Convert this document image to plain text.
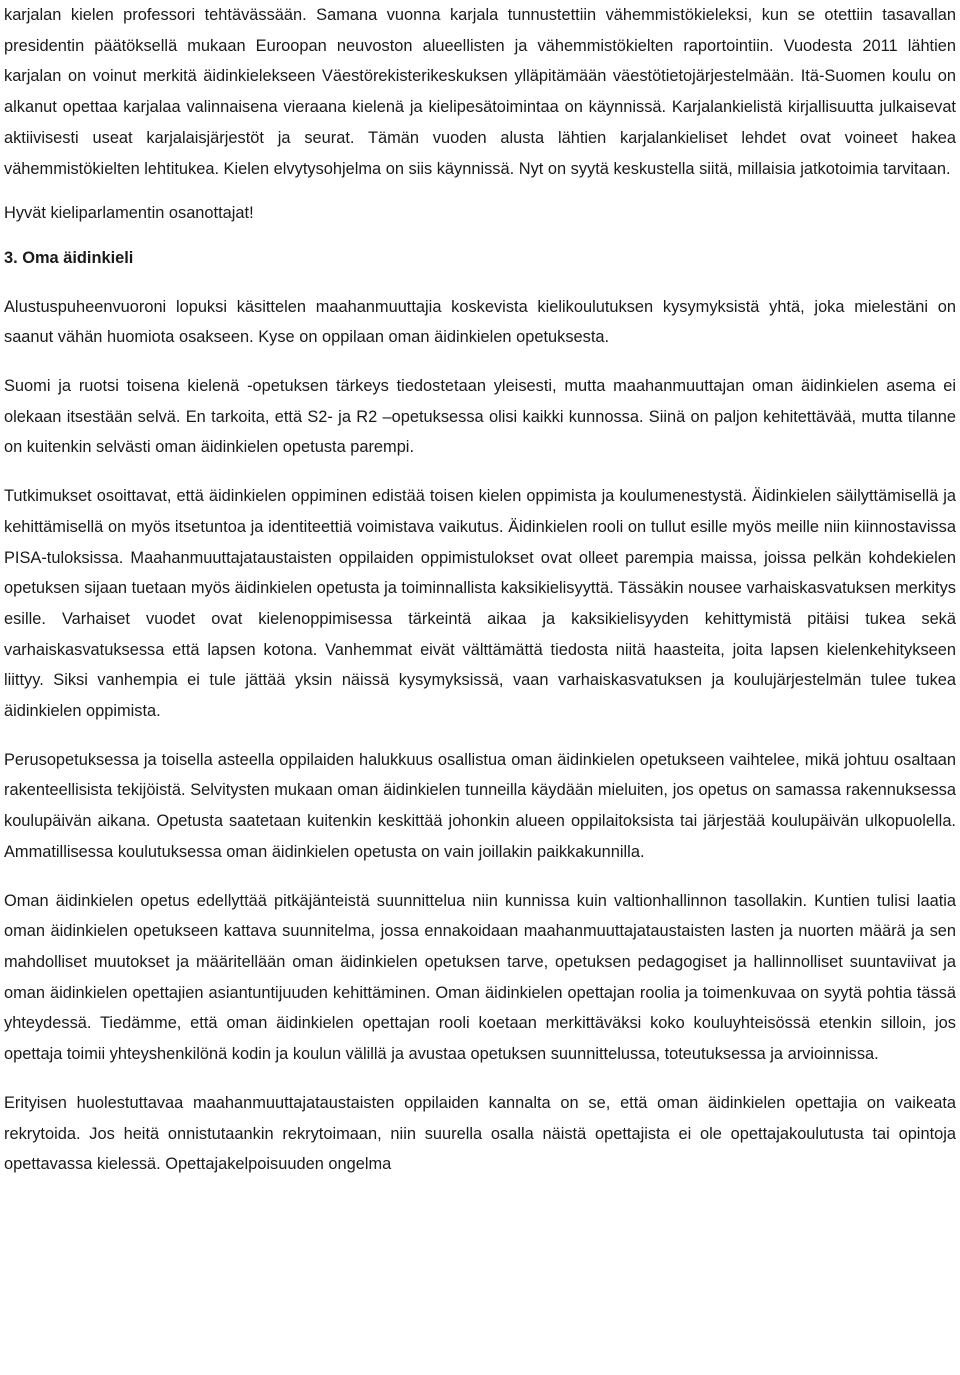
karjalan kielen professori tehtävässään. Samana vuonna karjala tunnustettiin vähemmistökieleksi, kun se otettiin tasavallan presidentin päätöksellä mukaan Euroopan neuvoston alueellisten ja vähemmistökielten raportointiin. Vuodesta 2011 lähtien karjalan on voinut merkitä äidinkielekseen Väestörekisterikeskuksen ylläpitämään väestötietojärjestelmään. Itä-Suomen koulu on alkanut opettaa karjalaa valinnaisena vieraana kielenä ja kielipesätoimintaa on käynnissä. Karjalankielistä kirjallisuutta julkaisevat aktiivisesti useat karjalaisjärjestöt ja seurat. Tämän vuoden alusta lähtien karjalankieliset lehdet ovat voineet hakea vähemmistökielten lehtitukea. Kielen elvytysohjelma on siis käynnissä. Nyt on syytä keskustella siitä, millaisia jatkotoimia tarvitaan.

Hyvät kieliparlamentin osanottajat!

3. Oma äidinkieli

Alustuspuheenvuoroni lopuksi käsittelen maahanmuuttajia koskevista kielikoulutuksen kysymyksistä yhtä, joka mielestäni on saanut vähän huomiota osakseen. Kyse on oppilaan oman äidinkielen opetuksesta.

Suomi ja ruotsi toisena kielenä -opetuksen tärkeys tiedostetaan yleisesti, mutta maahanmuuttajan oman äidinkielen asema ei olekaan itsestään selvä. En tarkoita, että S2- ja R2 –opetuksessa olisi kaikki kunnossa. Siinä on paljon kehitettävää, mutta tilanne on kuitenkin selvästi oman äidinkielen opetusta parempi.

Tutkimukset osoittavat, että äidinkielen oppiminen edistää toisen kielen oppimista ja koulumenestystä. Äidinkielen säilyttämisellä ja kehittämisellä on myös itsetuntoa ja identiteettiä voimistava vaikutus. Äidinkielen rooli on tullut esille myös meille niin kiinnostavissa PISA-tuloksissa. Maahanmuuttajataustaisten oppilaiden oppimistulokset ovat olleet parempia maissa, joissa pelkän kohdekielen opetuksen sijaan tuetaan myös äidinkielen opetusta ja toiminnallista kaksikielisyyttä. Tässäkin nousee varhaiskasvatuksen merkitys esille. Varhaiset vuodet ovat kielenoppimisessa tärkeintä aikaa ja kaksikielisyyden kehittymistä pitäisi tukea sekä varhaiskasvatuksessa että lapsen kotona. Vanhemmat eivät välttämättä tiedosta niitä haasteita, joita lapsen kielenkehitykseen liittyy. Siksi vanhempia ei tule jättää yksin näissä kysymyksissä, vaan varhaiskasvatuksen ja koulujärjestelmän tulee tukea äidinkielen oppimista.

Perusopetuksessa ja toisella asteella oppilaiden halukkuus osallistua oman äidinkielen opetukseen vaihtelee, mikä johtuu osaltaan rakenteellisista tekijöistä. Selvitysten mukaan oman äidinkielen tunneilla käydään mieluiten, jos opetus on samassa rakennuksessa koulupäivän aikana. Opetusta saatetaan kuitenkin keskittää johonkin alueen oppilaitoksista tai järjestää koulupäivän ulkopuolella. Ammatillisessa koulutuksessa oman äidinkielen opetusta on vain joillakin paikkakunnilla.

Oman äidinkielen opetus edellyttää pitkäjänteistä suunnittelua niin kunnissa kuin valtionhallinnon tasollakin. Kuntien tulisi laatia oman äidinkielen opetukseen kattava suunnitelma, jossa ennakoidaan maahanmuuttajataustaisten lasten ja nuorten määrä ja sen mahdolliset muutokset ja määritellään oman äidinkielen opetuksen tarve, opetuksen pedagogiset ja hallinnolliset suuntaviivat ja oman äidinkielen opettajien asiantuntijuuden kehittäminen. Oman äidinkielen opettajan roolia ja toimenkuvaa on syytä pohtia tässä yhteydessä. Tiedämme, että oman äidinkielen opettajan rooli koetaan merkittäväksi koko kouluyhteisössä etenkin silloin, jos opettaja toimii yhteyshenkilönä kodin ja koulun välillä ja avustaa opetuksen suunnittelussa, toteutuksessa ja arvioinnissa.

Erityisen huolestuttavaa maahanmuuttajataustaisten oppilaiden kannalta on se, että oman äidinkielen opettajia on vaikeata rekrytoida. Jos heitä onnistutaankin rekrytoimaan, niin suurella osalla näistä opettajista ei ole opettajakoulutusta tai opintoja opettavassa kielessä. Opettajakelpoisuuden ongelma
